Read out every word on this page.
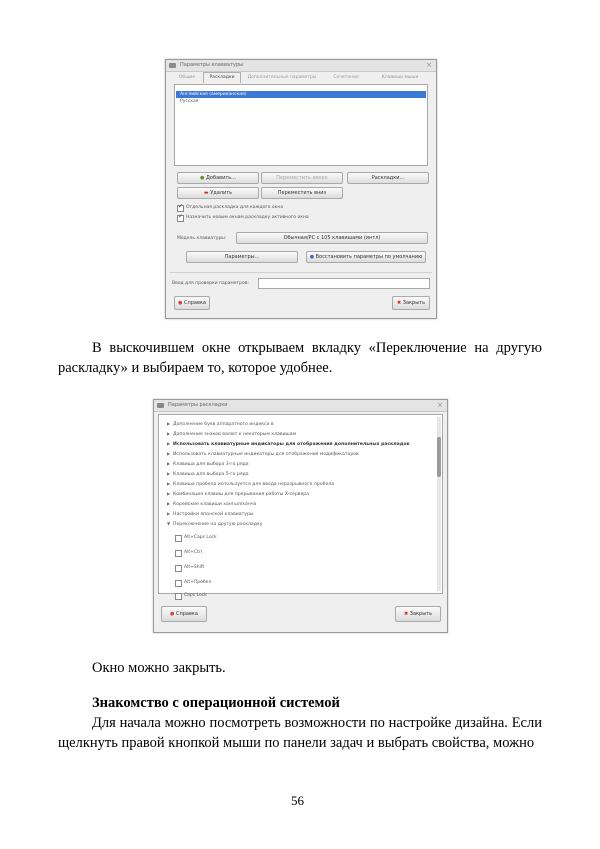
Параметры клавиатуры	×
Общие	Раскладки	Дополнительные параметры	Сочетания	Клавиши мыши
Английская (американская)
Русская
● Добавить...	Переместить вверх	Раскладки...
▬ Удалить	Переместить вниз
✓
Отдельная раскладка для каждого окна
✓
Назначить новым окнам раскладку активного окна
Модель клавиатуры:	Обычная/PC с 105 клавишами (интл)
Параметры...	● Восстановить параметры по умолчанию
Ввод для проверки параметров:
● Справка	✖ Закрыть
В выскочившем окне открываем вкладку «Переключение на другую раскладку» и выбираем то, которое удобнее.
Параметры раскладки	×
▶ Дополнение букв аппаратного индекса в
▶ Дополнение знаков валют к некоторым клавишам
▶ Использовать клавиатурные индикаторы для отображения дополнительных раскладок
▶ Использовать клавиатурные индикаторы для отображения модификаторов
▶ Клавиша для выбора 3-го ряда
▶ Клавиша для выбора 5-го ряда
▶ Клавиша пробела используется для ввода неразрывного пробела
▶ Комбинация клавиш для прерывания работы X-сервера
▶ Корейские клавиши хангыл/ханча
▶ Настройки японской клавиатуры
▼ Переключение на другую раскладку
Alt+Caps Lock
Alt+Ctrl
Alt+Shift
Alt+Пробел
Caps Lock
● Справка	✖ Закрыть
Окно можно закрыть.
Знакомство с операционной системой
Для начала можно посмотреть возможности по настройке дизайна. Если щелкнуть правой кнопкой мыши по панели задач и выбрать свойства, можно
56
